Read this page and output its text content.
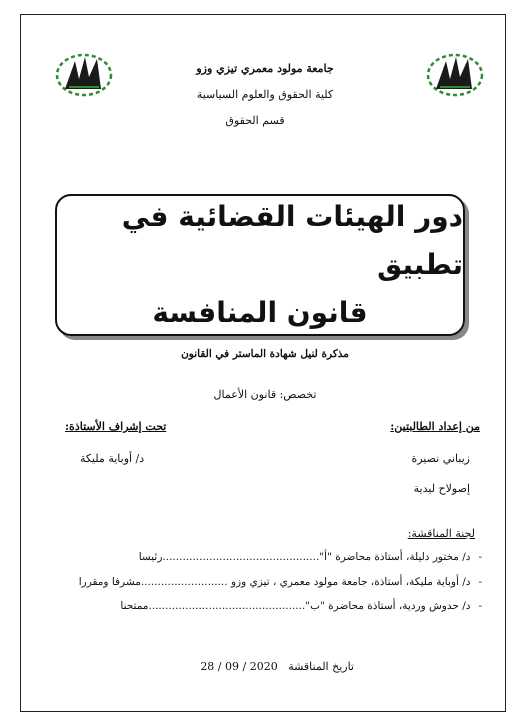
جامعة مولود معمري تيزي وزو
كلية الحقوق والعلوم السياسية
قسم الحقوق
دور الهيئات القضائية في تطبيق
قانون المنافسة
مذكرة لنيل شهادة الماستر في القانون
تخصص: قانون الأعمال
من إعداد الطالبتين:
تحت إشراف الأستاذة:
زيباني نصيرة
إصولاح ليدية
د/ أوباية مليكة
لجنة المناقشة:
-د/ مختور دليلة، أستاذة محاضرة "أ"...............................................رئيسا
-د/ أوباية مليكة، أستاذة، جامعة مولود معمري ، تيزي وزو ..........................مشرفا ومقررا
-د/ حدوش وردية، أستاذة محاضرة "ب"...............................................ممتحنا
تاريخ المناقشة   28 / 09 / 2020
